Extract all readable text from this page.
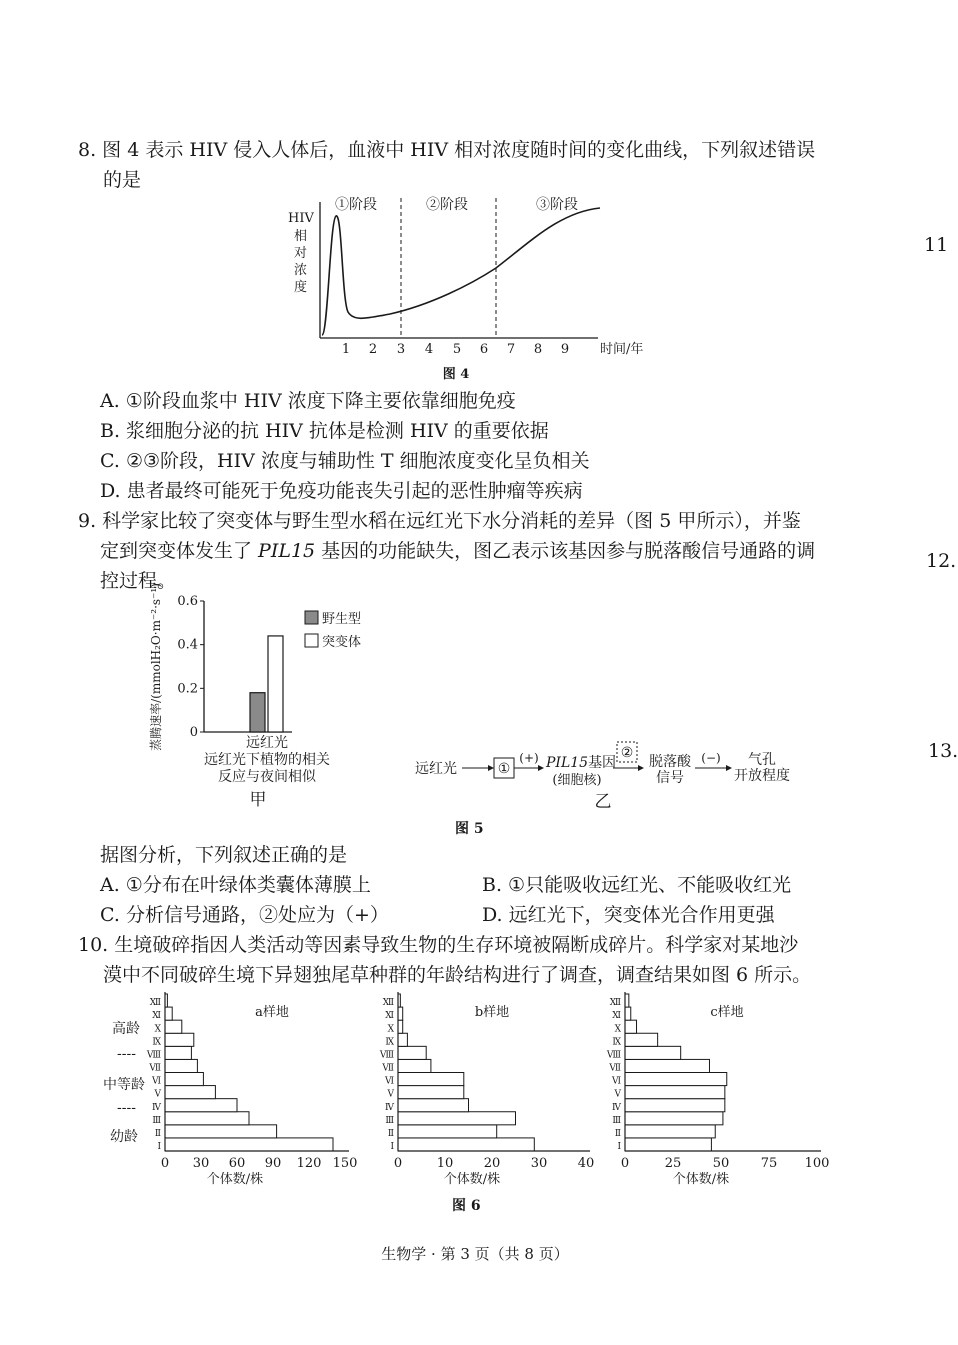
8. 图 4 表示 HIV 侵入人体后，血液中 HIV 相对浓度随时间的变化曲线，下列叙述错误
的是
①阶段	②阶段	③阶段
HIV
相
对
浓
度
1 2 3 4 5 6 7 8 9 时间/年
图 4
A. ①阶段血浆中 HIV 浓度下降主要依靠细胞免疫
B. 浆细胞分泌的抗 HIV 抗体是检测 HIV 的重要依据
C. ②③阶段，HIV 浓度与辅助性 T 细胞浓度变化呈负相关
D. 患者最终可能死于免疫功能丧失引起的恶性肿瘤等疾病
9. 科学家比较了突变体与野生型水稻在远红光下水分消耗的差异（图 5 甲所示），并鉴
定到突变体发生了 PIL15 基因的功能缺失，图乙表示该基因参与脱落酸信号通路的调
控过程。
0
0.2
0.4
0.6
蒸腾速率/(mmolH₂O·m⁻²·s⁻¹)	野生型
突变体
远红光
远红光下植物的相关
反应与夜间相似
甲
远红光	①
(+) PIL15基因
(细胞核)
②
脱落酸
信号
(−) 气孔
开放程度
乙
图 5
据图分析，下列叙述正确的是
A. ①分布在叶绿体类囊体薄膜上	B. ①只能吸收远红光、不能吸收红光
C. 分析信号通路，②处应为（+）	D. 远红光下，突变体光合作用更强
10. 生境破碎指因人类活动等因素导致生物的生存环境被隔断成碎片。科学家对某地沙
漠中不同破碎生境下异翅独尾草种群的年龄结构进行了调查，调查结果如图 6 所示。
高龄
----
中等龄
----
幼龄
Ⅰ
Ⅱ
Ⅲ
Ⅳ
Ⅴ
Ⅵ
Ⅶ
Ⅷ
Ⅸ
Ⅹ
Ⅺ
Ⅻ
0 30 60 90 120 150
a样地
个体数/株
Ⅰ
Ⅱ
Ⅲ
Ⅳ
Ⅴ
Ⅵ
Ⅶ
Ⅷ
Ⅸ
Ⅹ
Ⅺ
Ⅻ
0	10 20 30 40
b样地
个体数/株
Ⅰ
Ⅱ
Ⅲ
Ⅳ
Ⅴ
Ⅵ
Ⅶ
Ⅷ
Ⅸ
Ⅹ
Ⅺ
Ⅻ
0	25 50 75 100
c样地
个体数/株
图 6
11
12.
13.
生物学 · 第 3 页（共 8 页）
